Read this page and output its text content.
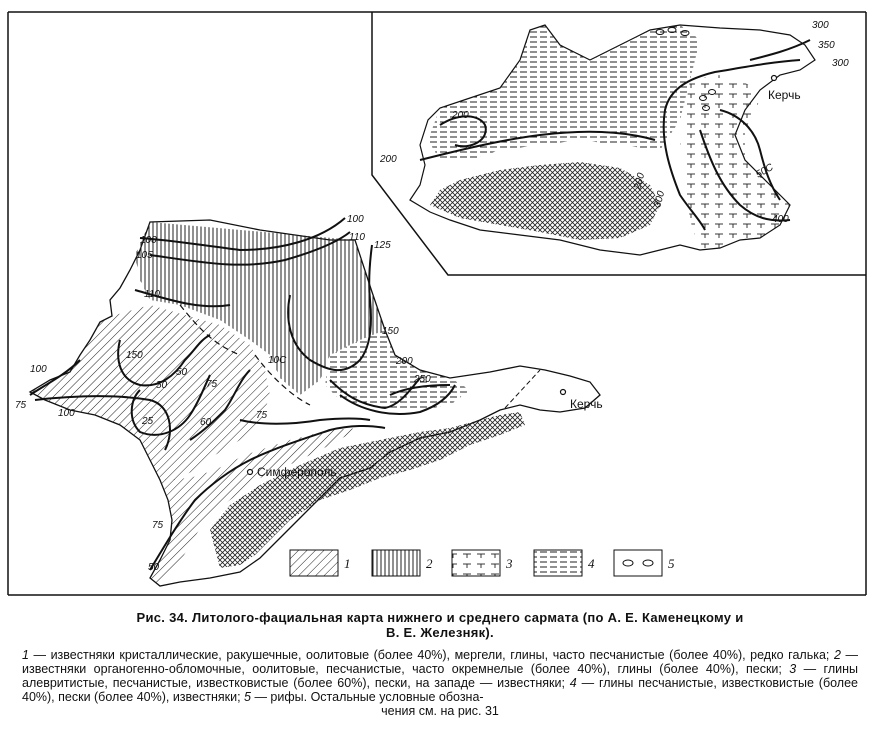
100
105
110
100
110
125
150
200
250
10С
75
75
50
50
25	60
75
100
150
100
75
50
Симферополь
Керчь
300
350
300
200
200
200
300
50С
400
Керчь
1	2	3	4	5
Рис. 34. Литолого-фациальная карта нижнего и среднего сармата (по А. Е. Каменецкому и
В. Е. Железняк).
1 — известняки кристаллические, ракушечные, оолитовые (более 40%), мергели, глины, часто песчанистые (более 40%), редко галька; 2 — известняки органогенно-обломочные, оолитовые, песчанистые, часто окремнелые (более 40%), глины (более 40%), пески; 3 — глины алевритистые, песчанистые, известковистые (более 60%), пески, на западе — известняки; 4 — глины песчанистые, известковистые (более 40%), пески (более 40%), известняки; 5 — рифы. Остальные условные обозна-
чения см. на рис. 31
